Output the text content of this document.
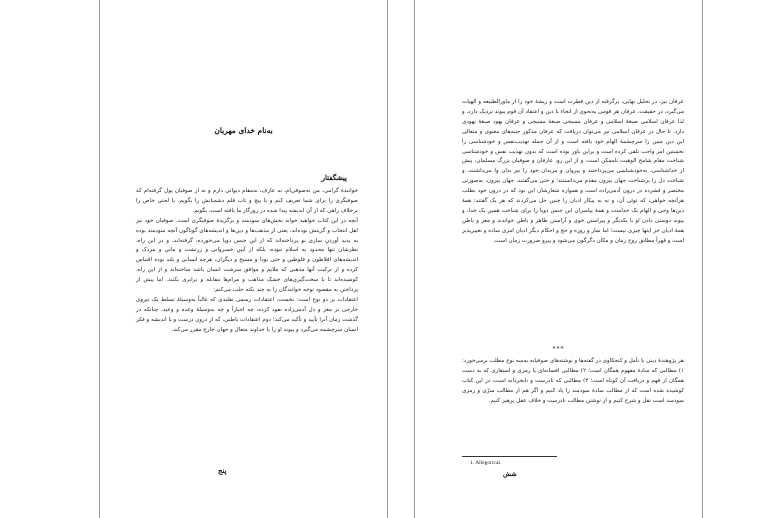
به‌نام خدای مهربان
پیشگفتار

خوانندهٔ گرامی، من نه‌صوفی‌ام، نه عارف، نه‌مقام دیوانی دارم و نه از صوفیان پول گرفته‌ام که صوفیگری را برای شما تعریف کنم و یا پیچ و تاب قلم دشمنانش را بگویم. یا لحنی خاص را برخلاف راهی که از آن اندیشه پیدا شده در روزگار ما یافته است، بگویم.

آنچه در این کتاب خواهید خواند بخش‌های سودمند و برگزیدهٔ صوفیگری است. صوفیان خود نیز اهل انتخاب و گزینش بوده‌اند، یعنی از مذهب‌ها و دین‌ها و اندیشه‌های گوناگون آنچه سودمند بوده به پدید آوردنِ سازی نو پرداخته‌اند که از این جنس دوپا می‌خورده، گرفته‌اند، و در این راه، نظرشان تنها محدود به اسلام نبوده، بلکه از آیین خسروانی و زرتشت و مانی و مزدک و اندیشه‌های افلاطون و فلوطین و حتی بودا و مسیح و دیگران، هرچه انسانی و بلند بوده اقتباس کرده و از ترکیب آنها مذهبی که ملایم و موافق سرشت انسان باشد ساخته‌اند و از این راه، کوشیده‌اند تا با سخت‌گیری‌های خشک مذاهب و مرام‌ها مقابله و برابری بکنند. اما پیش از پرداختن به مقصود توجه خوانندگان را به چند نکته جلب می‌کنم:

اعتقادات بر دو نوع است: نخست، اعتقادات رسمی تقلیدی که غالباً به‌وسیلهٔ تسلط یک نیروی خارجی بر مغز و دل آدمی‌زاده نفوذ کرده، چه اجباراً و چه به‌وسیلهٔ وعده و وعید، چنانکه در گذشت زمان آنرا تأیید و تأکید می‌کند؛ دوم اعتقادات باطنی، که از درون درست و با اندیشه و فکر انسان سرچشمه می‌گیرد و پیوند او را با خداوند متعال و جهان خارج مقرر می‌کند.

پنج

عرفان نیز، در تحلیل نهایی، برگرفته از دین فطرت است و ریشهٔ خود را از ماورالطبیعه و الهیات می‌گیرد، در حقیقت، عرفان هر قومی به‌نحوی از انحاء با دین و اعتقاد آن قوم پیوند نزدیک دارد، و لذا عرفان اسلامی صبغهٔ اسلامی و عرفان مسیحی صبغهٔ مسیحی و عرفان یهود صبغهٔ یهودی دارد. تا حال در عرفان اسلامی نیز می‌توان دریافت که عرفان مذکور جنبه‌های معنوی و متعالی این دین مبین را سرچشمهٔ الهام خود یافته است و از آن جمله تهذیب‌نفس و خودشناسی را نخستین امر واجب تلقی کرده است و براین باور بوده است که بدون تهذیب نفس و خودشناسی شناخت مقام شامخ الوهیت ناممکن است، و از این رو، عارفان و صوفیان بزرگ مسلمان، پیش از خداشناسی، به‌خودشناسی می‌پرداختند و پیروان و مریدان خود را نیز بدان وا می‌داشتند، و شناخت دل را برشناخت جهان بیرون مقدم می‌دانستند؛ و حتی می‌گفتند، جهان بیرون، به‌صورتی مختصر و فشرده در درون آدمی‌زاده است و همواره شعارشان این بود که در درون خود بطلب هرآنچه خواهی، که توئی آن، و نه به پیکار ادیان را چنین حل می‌کردند که هر یک گفتند: همهٔ دین‌ها وحی و الهام یک خداست و همهٔ پیامبران این جنس دوپا را برای شناخت همین یک خدا، و پیوند دوستی دادن او با یکدیگر و پیراستن خوی و آراستن ظاهر و باطن خواندند و مغز و باطن همهٔ ادیان جز اینها چیزی نیست؛ اما نماز و روزه و حج و احکام دیگر ادیان امری ساده و تغییرپذیر است و قهراً مطابق روح زمان و مکان دگرگون می‌شود و پیرو ضرورت زمان است.

***

هر پژوهندهٔ دینی با تأمل و کنجکاوی در گفته‌ها و نوشته‌های صوفیانه به‌سه نوع مطلب برمی‌خورد: ۱) مطالبی که سادهٔ مفهوم همگان است؛ ۲) مطالبی افسانه‌ای یا رمزی و استعاری که به دست همگان از فهم و دریافت آن کوتاه است؛ ۳) مطالبی که نادرست و نابخردانه است، در این کتاب کوشیده شده است که از مطالب سادهٔ سودمند را یاد کنیم و اگر هم از مطالب سرّی و رمزی سودمند است نقل و شرح کنیم و از نوشتن مطالب نادرست و خلاف عقل پرهیز کنیم.

1. Allegorical.
شش
